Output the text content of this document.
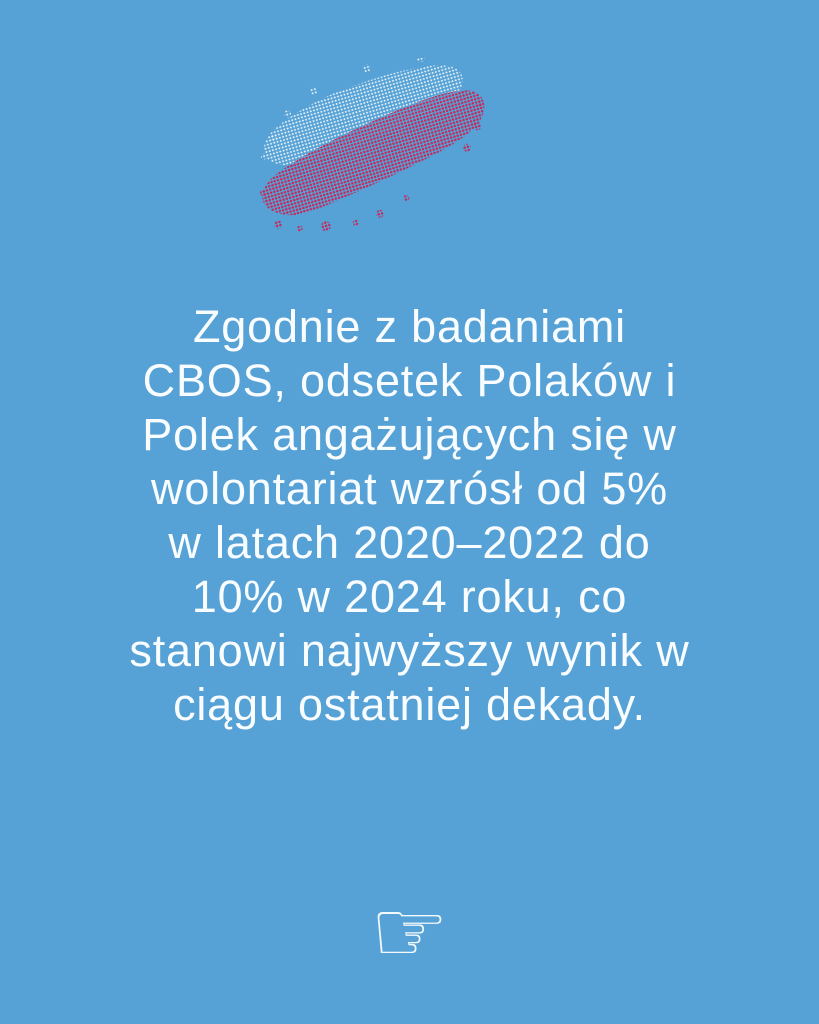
Zgodnie z badaniami
CBOS, odsetek Polaków i
Polek angażujących się w
wolontariat wzrósł od 5%
w latach 2020–2022 do
10% w 2024 roku, co
stanowi najwyższy wynik w
ciągu ostatniej dekady.
☞
